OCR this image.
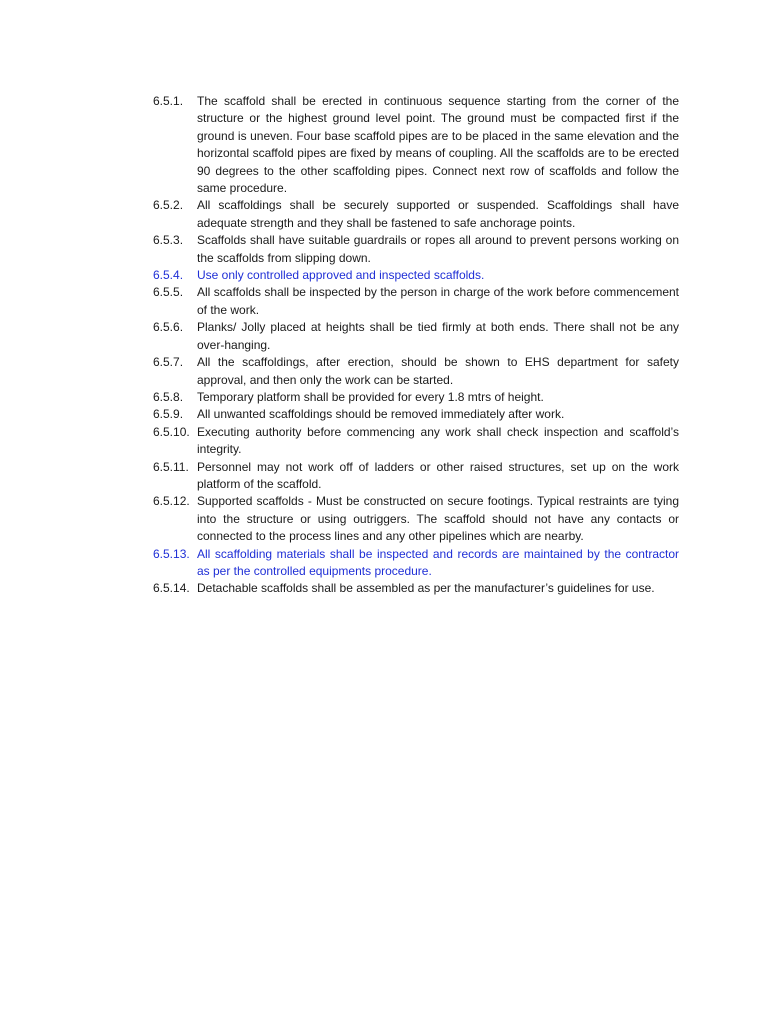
6.5.1.	The scaffold shall be erected in continuous sequence starting from the corner of the structure or the highest ground level point. The ground must be compacted first if the ground is uneven. Four base scaffold pipes are to be placed in the same elevation and the horizontal scaffold pipes are fixed by means of coupling. All the scaffolds are to be erected 90 degrees to the other scaffolding pipes. Connect next row of scaffolds and follow the same procedure.
6.5.2.	All scaffoldings shall be securely supported or suspended. Scaffoldings shall have adequate strength and they shall be fastened to safe anchorage points.
6.5.3.	Scaffolds shall have suitable guardrails or ropes all around to prevent persons working on the scaffolds from slipping down.
6.5.4.	Use only controlled approved and inspected scaffolds.
6.5.5.	All scaffolds shall be inspected by the person in charge of the work before commencement of the work.
6.5.6.	Planks/ Jolly placed at heights shall be tied firmly at both ends. There shall not be any over-hanging.
6.5.7.	All the scaffoldings, after erection, should be shown to EHS department for safety approval, and then only the work can be started.
6.5.8.	Temporary platform shall be provided for every 1.8 mtrs of height.
6.5.9.	All unwanted scaffoldings should be removed immediately after work.
6.5.10. Executing authority before commencing any work shall check inspection and scaffold’s integrity.
6.5.11. Personnel may not work off of ladders or other raised structures, set up on the work platform of the scaffold.
6.5.12. Supported scaffolds - Must be constructed on secure footings. Typical restraints are tying into the structure or using outriggers. The scaffold should not have any contacts or connected to the process lines and any other pipelines which are nearby.
6.5.13. All scaffolding materials shall be inspected and records are maintained by the contractor as per the controlled equipments procedure.
6.5.14. Detachable scaffolds shall be assembled as per the manufacturer’s guidelines for use.
